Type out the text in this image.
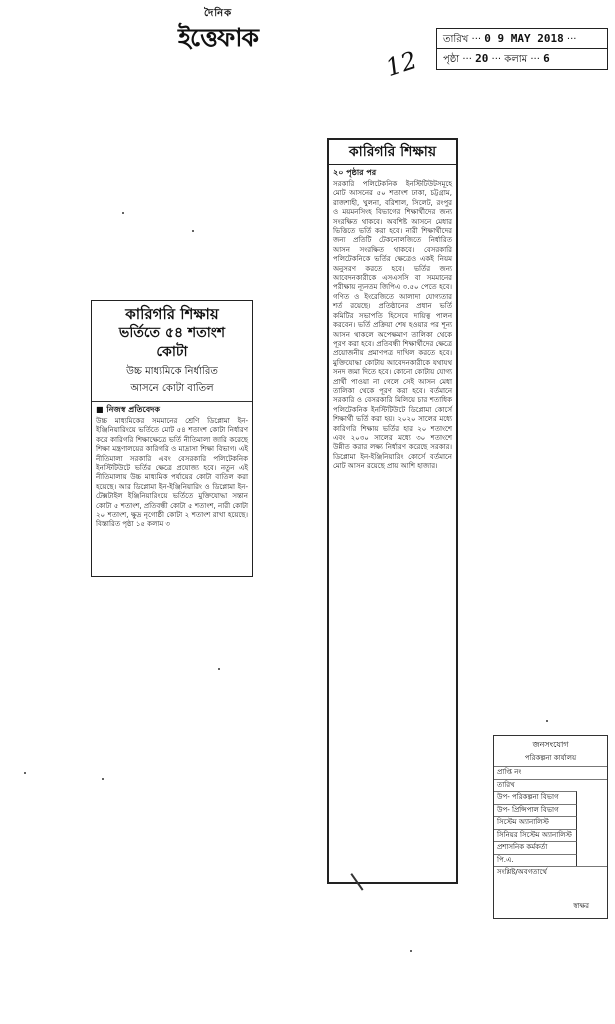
দৈনিক
ইত্তেফাক
12
তারিখ ··· 0 9 MAY 2018 ···
পৃষ্ঠা ··· 20 ··· কলাম ··· 6
কারিগরি শিক্ষায়
ভর্তিতে ৫৪ শতাংশ
কোটা
উচ্চ মাধ্যমিকে নির্ধারিত
আসনে কোটা বাতিল
■ নিজস্ব প্রতিবেদক
উচ্চ মাধ্যমিকের সমমানের শ্রেণি ডিপ্লোমা ইন-ইঞ্জিনিয়ারিংয়ে ভর্তিতে মোট ৫৪ শতাংশ কোটা নির্ধারণ করে কারিগরি শিক্ষাক্ষেত্রে ভর্তি নীতিমালা জারি করেছে শিক্ষা মন্ত্রণালয়ের কারিগরি ও মাদ্রাসা শিক্ষা বিভাগ। এই নীতিমালা সরকারি এবং বেসরকারি পলিটেকনিক ইনস্টিটিউটে ভর্তির ক্ষেত্রে প্রযোজ্য হবে। নতুন এই নীতিমালায় উচ্চ মাধ্যমিক পর্যায়ের কোটা বাতিল করা হয়েছে। আর ডিপ্লোমা ইন-ইঞ্জিনিয়ারিং ও ডিপ্লোমা ইন-টেক্সটাইল ইঞ্জিনিয়ারিংয়ে ভর্তিতে মুক্তিযোদ্ধা সন্তান কোটা ৫ শতাংশ, প্রতিবন্ধী কোটা ৫ শতাংশ, নারী কোটা ২০ শতাংশ, ক্ষুদ্র নৃগোষ্ঠী কোটা ২ শতাংশ রাখা হয়েছে। বিস্তারিত পৃষ্ঠা ১৫ কলাম ৩
কারিগরি শিক্ষায়
২০ পৃষ্ঠার পর
সরকারি পলিটেকনিক ইনস্টিটিউটসমূহে মোট আসনের ৫০ শতাংশ ঢাকা, চট্টগ্রাম, রাজশাহী, খুলনা, বরিশাল, সিলেট, রংপুর ও ময়মনসিংহ বিভাগের শিক্ষার্থীদের জন্য সংরক্ষিত থাকবে। অবশিষ্ট আসনে মেধার ভিত্তিতে ভর্তি করা হবে। নারী শিক্ষার্থীদের জন্য প্রতিটি টেকনোলজিতে নির্ধারিত আসন সংরক্ষিত থাকবে। বেসরকারি পলিটেকনিকে ভর্তির ক্ষেত্রেও একই নিয়ম অনুসরণ করতে হবে। ভর্তির জন্য আবেদনকারীকে এসএসসি বা সমমানের পরীক্ষায় ন্যূনতম জিপিএ ৩.৫০ পেতে হবে। গণিত ও ইংরেজিতে আলাদা যোগ্যতার শর্ত রয়েছে। প্রতিষ্ঠানের প্রধান ভর্তি কমিটির সভাপতি হিসেবে দায়িত্ব পালন করবেন। ভর্তি প্রক্রিয়া শেষ হওয়ার পর শূন্য আসন থাকলে অপেক্ষমাণ তালিকা থেকে পূরণ করা হবে। প্রতিবন্ধী শিক্ষার্থীদের ক্ষেত্রে প্রয়োজনীয় প্রমাণপত্র দাখিল করতে হবে। মুক্তিযোদ্ধা কোটায় আবেদনকারীকে যথাযথ সনদ জমা দিতে হবে। কোনো কোটায় যোগ্য প্রার্থী পাওয়া না গেলে সেই আসন মেধা তালিকা থেকে পূরণ করা হবে। বর্তমানে সরকারি ও বেসরকারি মিলিয়ে চার শতাধিক পলিটেকনিক ইনস্টিটিউটে ডিপ্লোমা কোর্সে শিক্ষার্থী ভর্তি করা হয়। ২০২০ সালের মধ্যে কারিগরি শিক্ষায় ভর্তির হার ২০ শতাংশে এবং ২০৩০ সালের মধ্যে ৩০ শতাংশে উন্নীত করার লক্ষ্য নির্ধারণ করেছে সরকার। ডিপ্লোমা ইন-ইঞ্জিনিয়ারিং কোর্সে বর্তমানে মোট আসন রয়েছে প্রায় আশি হাজার।
জনসংযোগ
পরিকল্পনা কার্যালয়
প্রাপ্তি নং
তারিখ
উপ- পরিকল্পনা বিভাগ
উপ- প্রিন্সিপাল বিভাগ
সিস্টেম অ্যানালিস্ট
সিনিয়র সিস্টেম অ্যানালিস্ট
প্রশাসনিক কর্মকর্তা
পি.এ.
সংশ্লিষ্ট/অবগতার্থে
স্বাক্ষর
